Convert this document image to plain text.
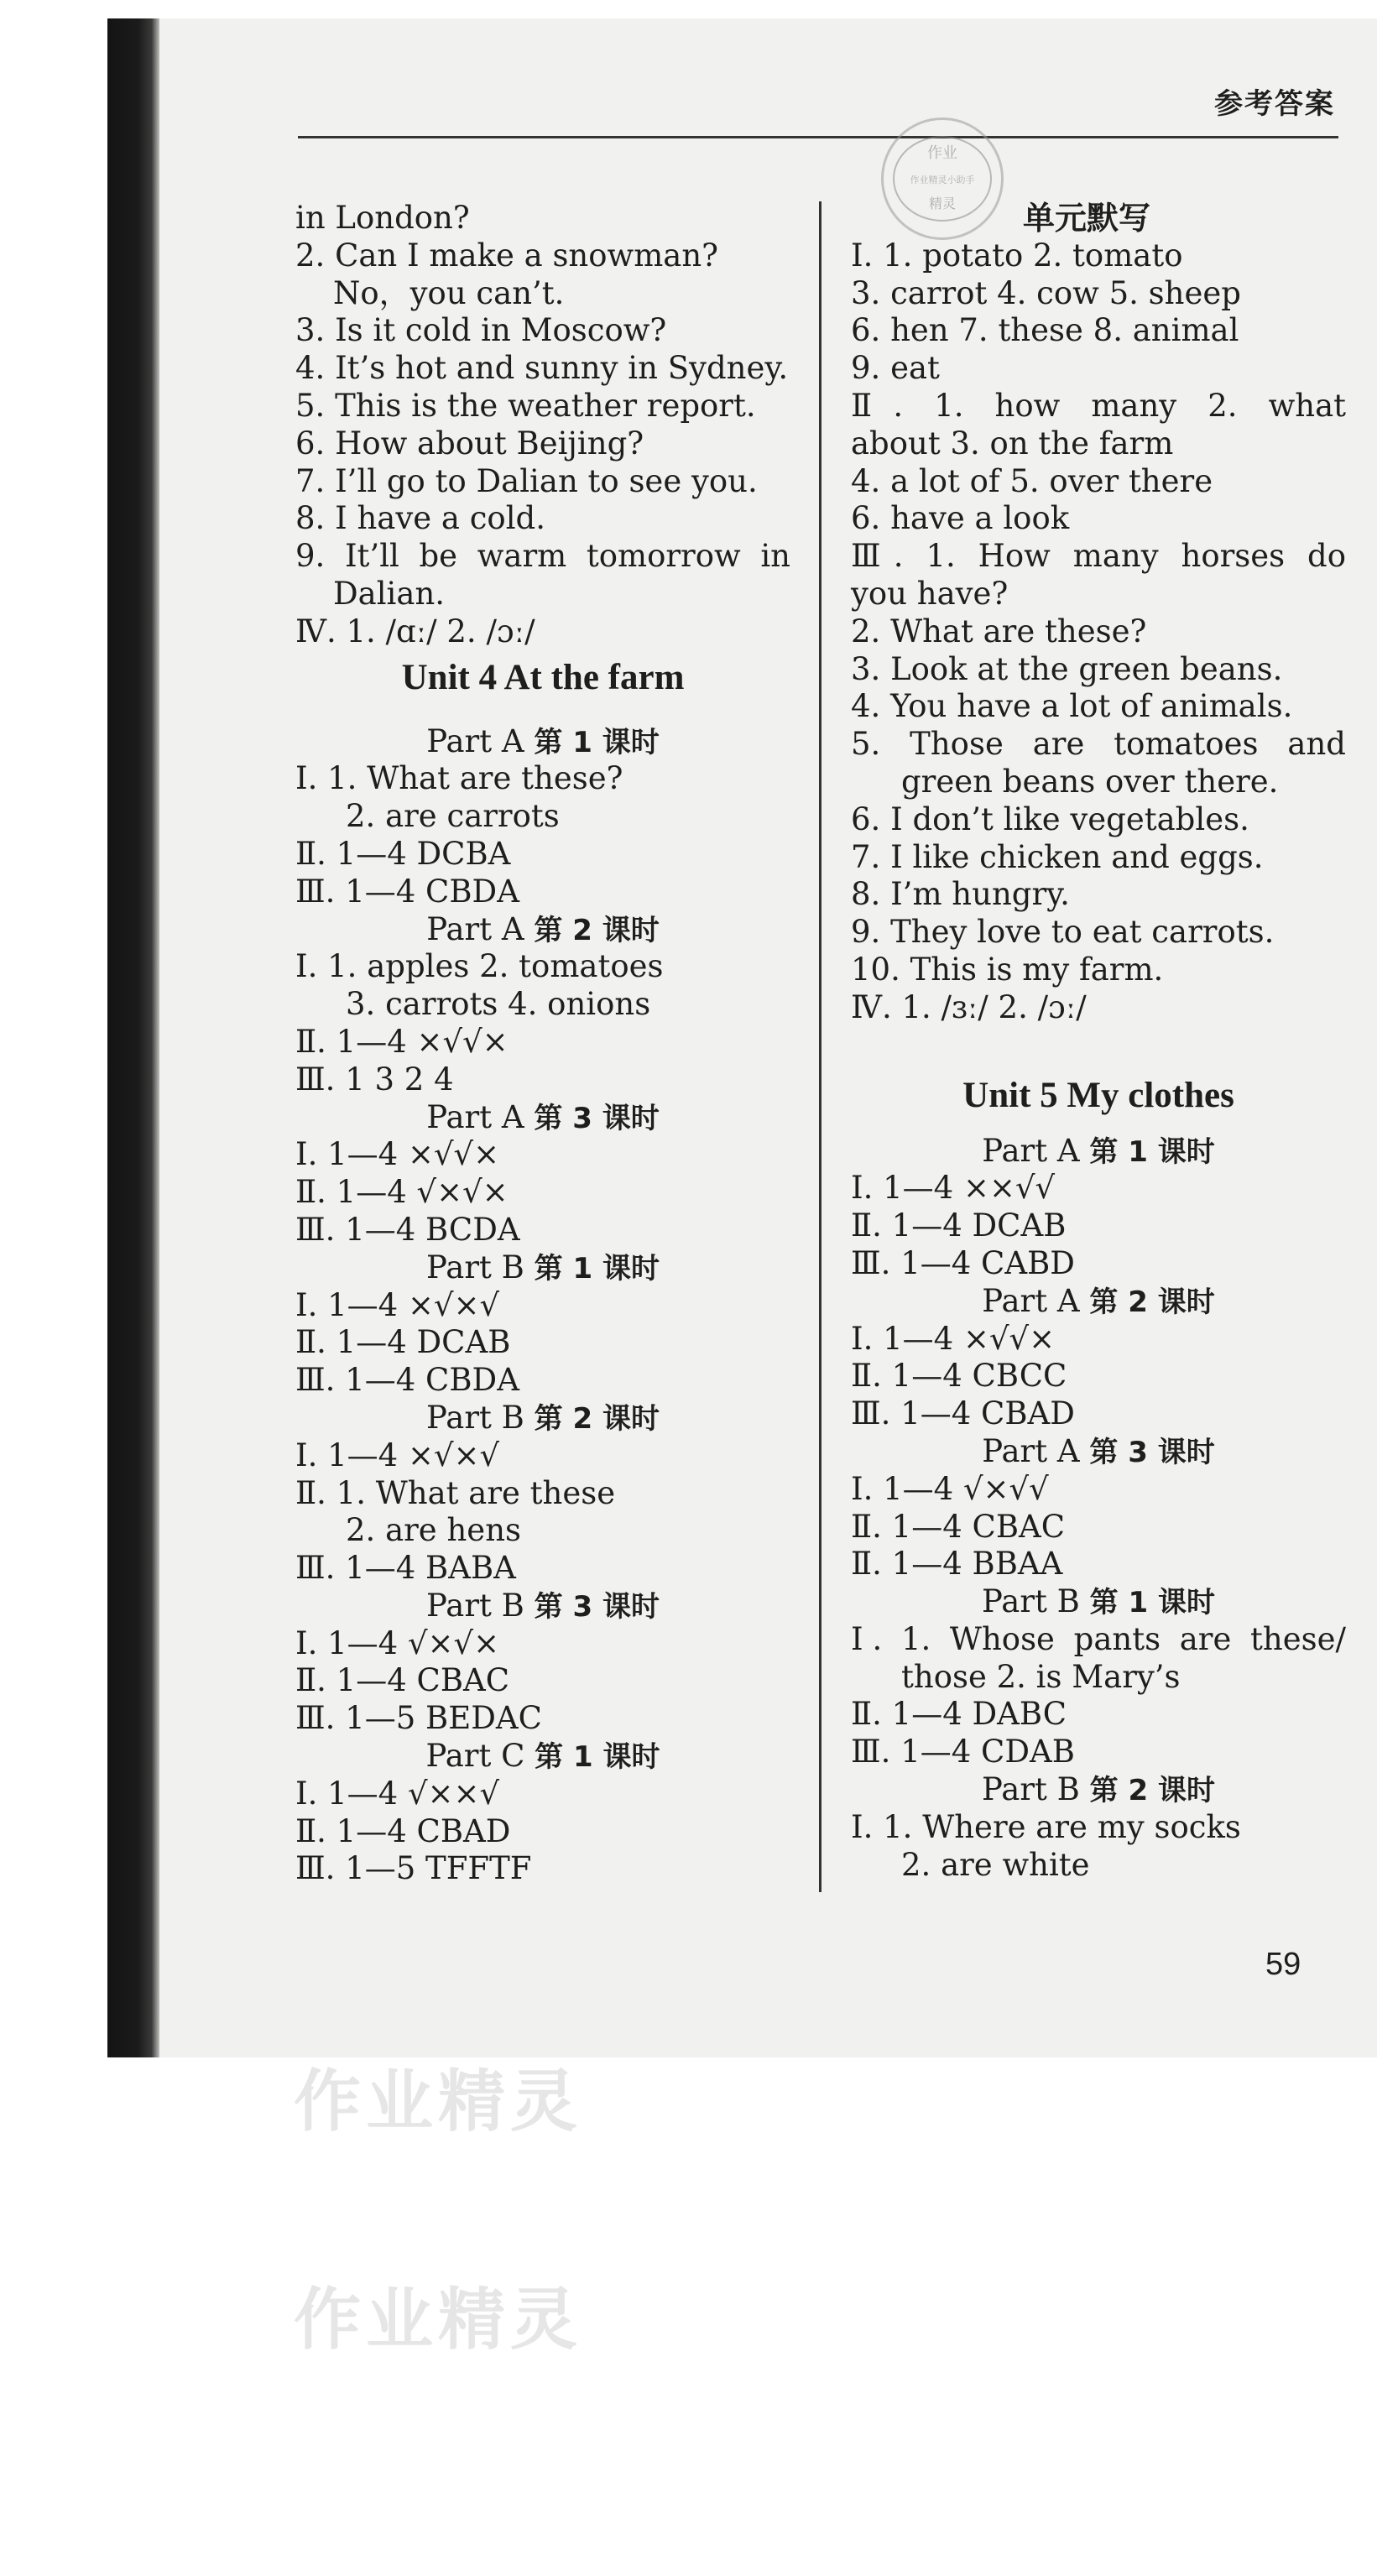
参考答案
作业
作业精灵小助手
精灵
in London?
2. Can I make a snowman?
No，you can’t.
3. Is it cold in Moscow?
4. It’s hot and sunny in Sydney.
5. This is the weather report.
6. How about Beijing?
7. I’ll go to Dalian to see you.
8. I have a cold.
9. It’ll be warm tomorrow in
Dalian.
Ⅳ. 1. /ɑː/ 2. /ɔː/
Unit 4 At the farm
Part A 第 1 课时
Ⅰ. 1. What are these?
2. are carrots
Ⅱ. 1—4 DCBA
Ⅲ. 1—4 CBDA
Part A 第 2 课时
Ⅰ. 1. apples 2. tomatoes
3. carrots 4. onions
Ⅱ. 1—4 ×√√×
Ⅲ. 1 3 2 4
Part A 第 3 课时
Ⅰ. 1—4 ×√√×
Ⅱ. 1—4 √×√×
Ⅲ. 1—4 BCDA
Part B 第 1 课时
Ⅰ. 1—4 ×√×√
Ⅱ. 1—4 DCAB
Ⅲ. 1—4 CBDA
Part B 第 2 课时
Ⅰ. 1—4 ×√×√
Ⅱ. 1. What are these
2. are hens
Ⅲ. 1—4 BABA
Part B 第 3 课时
Ⅰ. 1—4 √×√×
Ⅱ. 1—4 CBAC
Ⅲ. 1—5 BEDAC
Part C 第 1 课时
Ⅰ. 1—4 √××√
Ⅱ. 1—4 CBAD
Ⅲ. 1—5 TFFTF
单元默写
Ⅰ. 1. potato 2. tomato
3. carrot 4. cow 5. sheep
6. hen 7. these 8. animal
9. eat
Ⅱ. 1. how many 2. what
about 3. on the farm
4. a lot of 5. over there
6. have a look
Ⅲ. 1. How many horses do
you have?
2. What are these?
3. Look at the green beans.
4. You have a lot of animals.
5. Those are tomatoes and
green beans over there.
6. I don’t like vegetables.
7. I like chicken and eggs.
8. I’m hungry.
9. They love to eat carrots.
10. This is my farm.
Ⅳ. 1. /ɜː/ 2. /ɔː/
Unit 5 My clothes
Part A 第 1 课时
Ⅰ. 1—4 ××√√
Ⅱ. 1—4 DCAB
Ⅲ. 1—4 CABD
Part A 第 2 课时
Ⅰ. 1—4 ×√√×
Ⅱ. 1—4 CBCC
Ⅲ. 1—4 CBAD
Part A 第 3 课时
Ⅰ. 1—4 √×√√
Ⅱ. 1—4 CBAC
Ⅱ. 1—4 BBAA
Part B 第 1 课时
Ⅰ. 1. Whose pants are these/
those 2. is Mary’s
Ⅱ. 1—4 DABC
Ⅲ. 1—4 CDAB
Part B 第 2 课时
Ⅰ. 1. Where are my socks
2. are white
59
作业精灵
作业精灵
